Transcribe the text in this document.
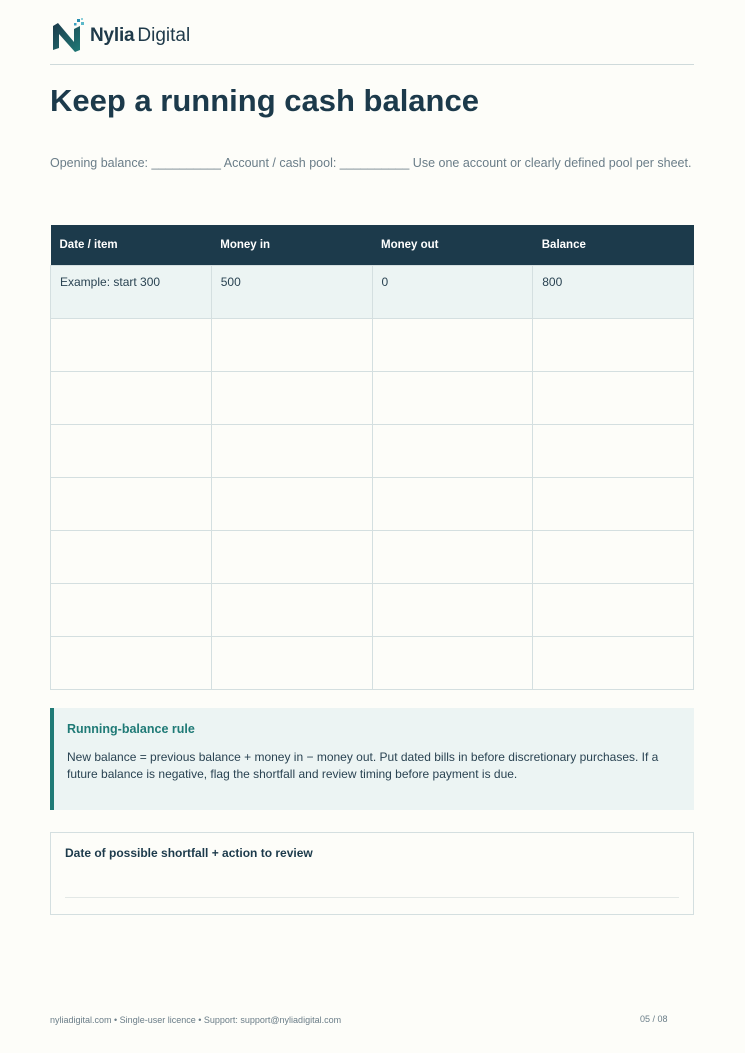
Nylia Digital
Keep a running cash balance

Opening balance: __________ Account / cash pool: __________ Use one account or clearly defined pool per sheet.

Date / item	Money in	Money out	Balance
Example: start 300	500	0	800

Running-balance rule

New balance = previous balance + money in − money out. Put dated bills in before discretionary purchases. If a future balance is negative, flag the shortfall and review timing before payment is due.

Date of possible shortfall + action to review

nyliadigital.com • Single-user licence • Support: support@nyliadigital.com	05 / 08
